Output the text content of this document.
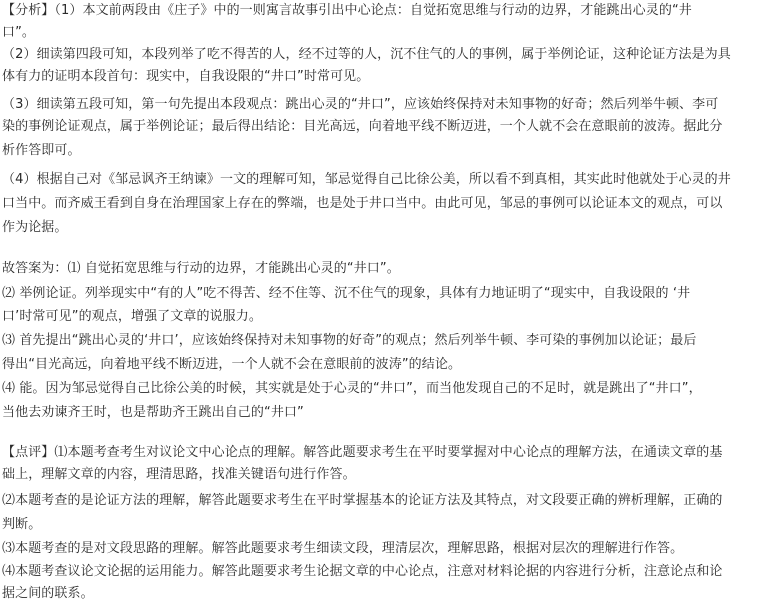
【分析】（1）本文前两段由《庄子》中的一则寓言故事引出中心论点：自觉拓宽思维与行动的边界，才能跳出心灵的“井
口”。
（2）细读第四段可知，本段列举了吃不得苦的人，经不过等的人，沉不住气的人的事例，属于举例论证，这种论证方法是为具
体有力的证明本段首句：现实中，自我设限的“井口”时常可见。
（3）细读第五段可知，第一句先提出本段观点：跳出心灵的“井口”，应该始终保持对未知事物的好奇；然后列举牛顿、李可
染的事例论证观点，属于举例论证；最后得出结论：目光高远，向着地平线不断迈进，一个人就不会在意眼前的波涛。据此分
析作答即可。
（4）根据自己对《邹忌讽齐王纳谏》一文的理解可知，邹忌觉得自己比徐公美，所以看不到真相，其实此时他就处于心灵的井
口当中。而齐威王看到自身在治理国家上存在的弊端，也是处于井口当中。由此可见，邹忌的事例可以论证本文的观点，可以
作为论据。
故答案为：⑴ 自觉拓宽思维与行动的边界，才能跳出心灵的“井口”。
⑵ 举例论证。列举现实中“有的人”吃不得苦、经不住等、沉不住气的现象，具体有力地证明了“现实中，自我设限的 ‘井
口’时常可见”的观点，增强了文章的说服力。
⑶ 首先提出“跳出心灵的‘井口’，应该始终保持对未知事物的好奇”的观点；然后列举牛顿、李可染的事例加以论证；最后
得出“目光高远，向着地平线不断迈进，一个人就不会在意眼前的波涛”的结论。
⑷ 能。因为邹忌觉得自己比徐公美的时候，其实就是处于心灵的“井口”，而当他发现自己的不足时，就是跳出了“井口”，
当他去劝谏齐王时，也是帮助齐王跳出自己的“井口”
【点评】⑴本题考查考生对议论文中心论点的理解。解答此题要求考生在平时要掌握对中心论点的理解方法，在通读文章的基
础上，理解文章的内容，理清思路，找准关键语句进行作答。
⑵本题考查的是论证方法的理解，解答此题要求考生在平时掌握基本的论证方法及其特点，对文段要正确的辨析理解，正确的
判断。
⑶本题考查的是对文段思路的理解。解答此题要求考生细读文段，理清层次，理解思路，根据对层次的理解进行作答。
⑷本题考查议论文论据的运用能力。解答此题要求考生论据文章的中心论点，注意对材料论据的内容进行分析，注意论点和论
据之间的联系。
